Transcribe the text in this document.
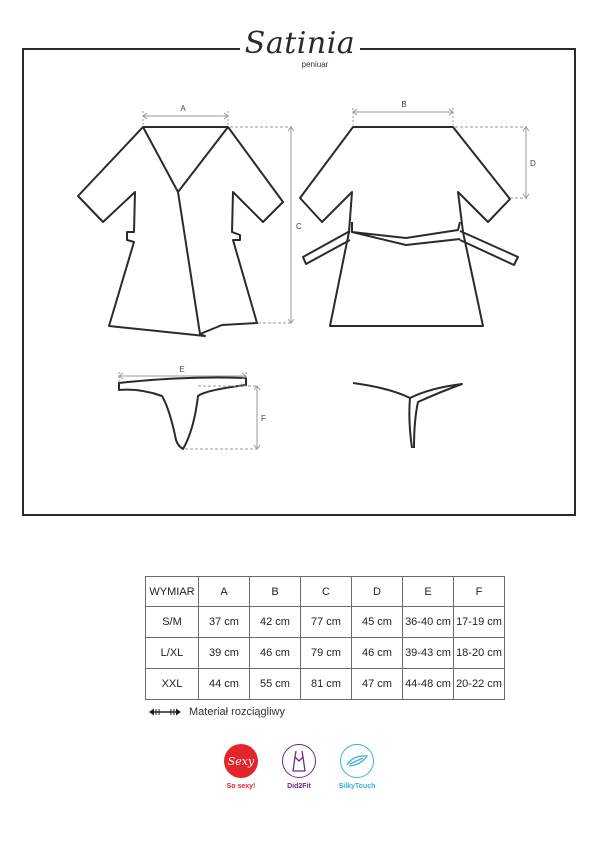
A
C
B
D
E
F
Satinia
peniuar
WYMIAR	A	B	C	D	E	F
S/M	37 cm	42 cm	77 cm	45 cm	36-40 cm	17-19 cm
L/XL	39 cm	46 cm	79 cm	46 cm	39-43 cm	18-20 cm
XXL	44 cm	55 cm	81 cm	47 cm	44-48 cm	20-22 cm
Materiał rozciągliwy
Sexy
So sexy!	Did2Fit	SilkyTouch
